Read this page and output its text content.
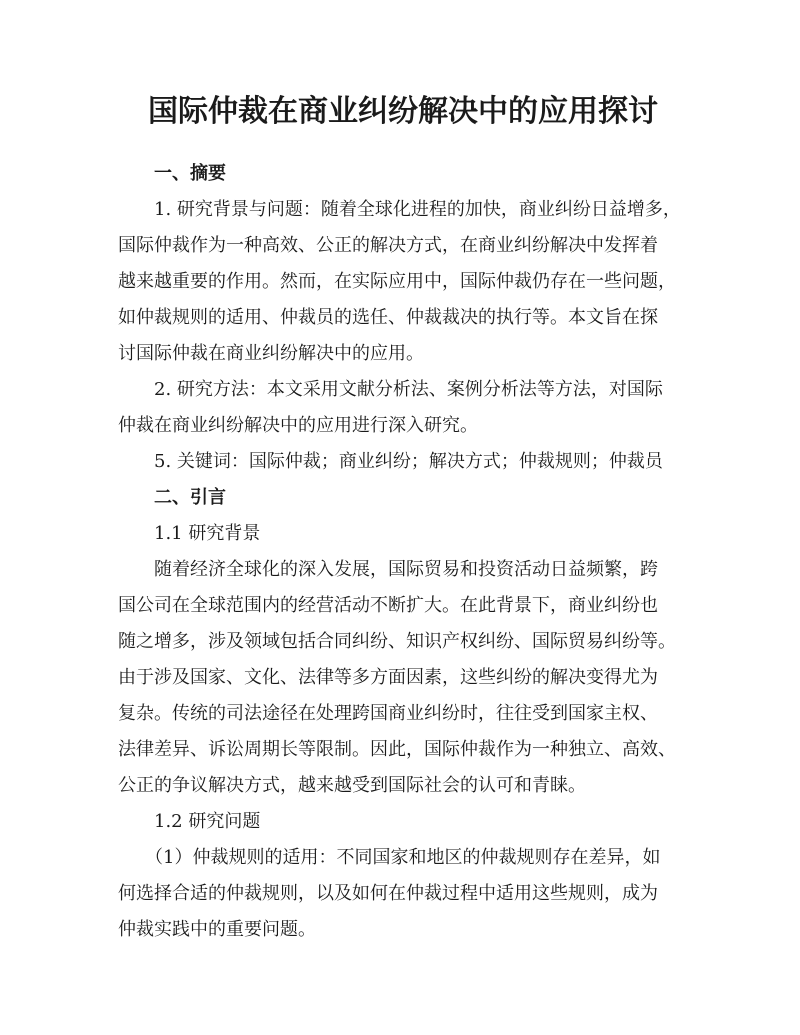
国际仲裁在商业纠纷解决中的应用探讨
一、摘要

1. 研究背景与问题：随着全球化进程的加快，商业纠纷日益增多，
国际仲裁作为一种高效、公正的解决方式，在商业纠纷解决中发挥着
越来越重要的作用。然而，在实际应用中，国际仲裁仍存在一些问题，
如仲裁规则的适用、仲裁员的选任、仲裁裁决的执行等。本文旨在探
讨国际仲裁在商业纠纷解决中的应用。

2. 研究方法：本文采用文献分析法、案例分析法等方法，对国际
仲裁在商业纠纷解决中的应用进行深入研究。

5. 关键词：国际仲裁；商业纠纷；解决方式；仲裁规则；仲裁员

二、引言
1.1 研究背景

随着经济全球化的深入发展，国际贸易和投资活动日益频繁，跨
国公司在全球范围内的经营活动不断扩大。在此背景下，商业纠纷也
随之增多，涉及领域包括合同纠纷、知识产权纠纷、国际贸易纠纷等。
由于涉及国家、文化、法律等多方面因素，这些纠纷的解决变得尤为
复杂。传统的司法途径在处理跨国商业纠纷时，往往受到国家主权、
法律差异、诉讼周期长等限制。因此，国际仲裁作为一种独立、高效、
公正的争议解决方式，越来越受到国际社会的认可和青睐。

1.2 研究问题

（1）仲裁规则的适用：不同国家和地区的仲裁规则存在差异，如
何选择合适的仲裁规则，以及如何在仲裁过程中适用这些规则，成为
仲裁实践中的重要问题。
